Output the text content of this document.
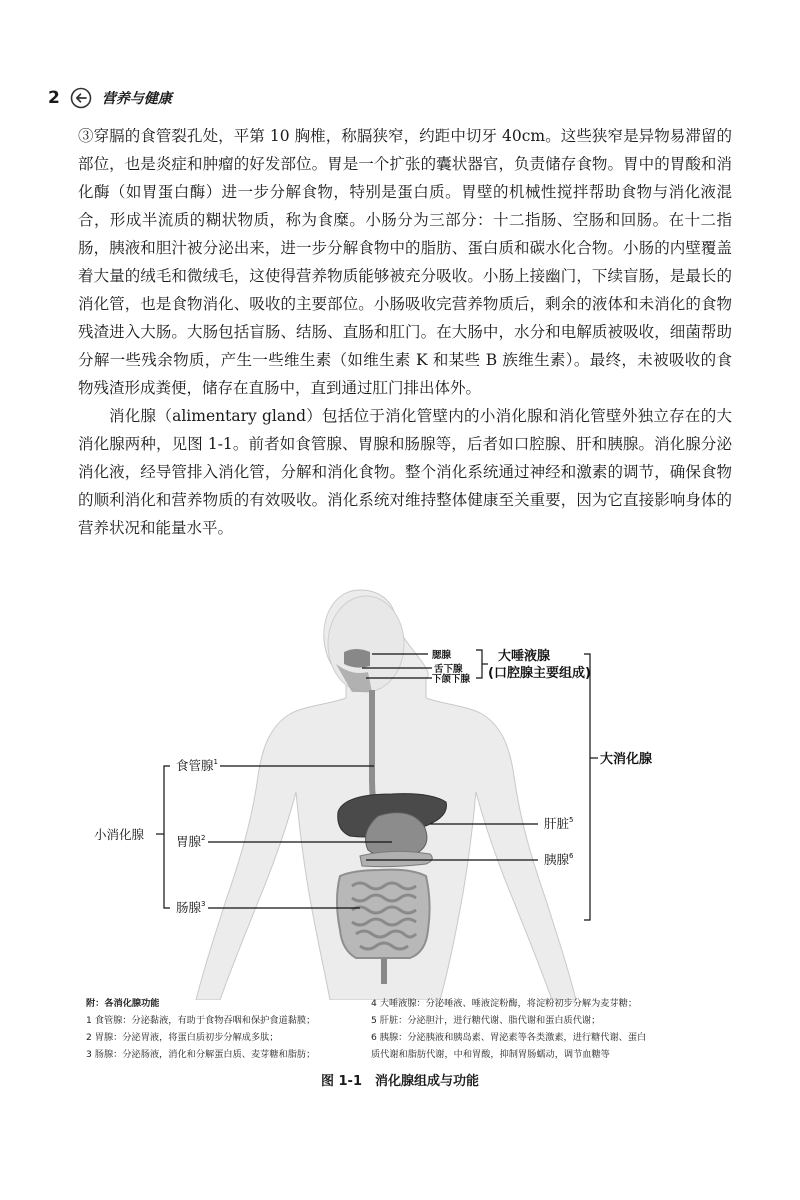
2	营养与健康

③穿膈的食管裂孔处，平第 10 胸椎，称膈狭窄，约距中切牙 40cm。这些狭窄是异物易滞留的部位，也是炎症和肿瘤的好发部位。胃是一个扩张的囊状器官，负责储存食物。胃中的胃酸和消化酶（如胃蛋白酶）进一步分解食物，特别是蛋白质。胃壁的机械性搅拌帮助食物与消化液混合，形成半流质的糊状物质，称为食糜。小肠分为三部分：十二指肠、空肠和回肠。在十二指肠，胰液和胆汁被分泌出来，进一步分解食物中的脂肪、蛋白质和碳水化合物。小肠的内壁覆盖着大量的绒毛和微绒毛，这使得营养物质能够被充分吸收。小肠上接幽门，下续盲肠，是最长的消化管，也是食物消化、吸收的主要部位。小肠吸收完营养物质后，剩余的液体和未消化的食物残渣进入大肠。大肠包括盲肠、结肠、直肠和肛门。在大肠中，水分和电解质被吸收，细菌帮助分解一些残余物质，产生一些维生素（如维生素 K 和某些 B 族维生素）。最终，未被吸收的食物残渣形成粪便，储存在直肠中，直到通过肛门排出体外。

消化腺（alimentary gland）包括位于消化管壁内的小消化腺和消化管壁外独立存在的大消化腺两种，见图 1-1。前者如食管腺、胃腺和肠腺等，后者如口腔腺、肝和胰腺。消化腺分泌消化液，经导管排入消化管，分解和消化食物。整个消化系统通过神经和激素的调节，确保食物的顺利消化和营养物质的有效吸收。消化系统对维持整体健康至关重要，因为它直接影响身体的营养状况和能量水平。

腮腺
舌下腺
下颌下腺
大唾液腺
(口腔腺主要组成)
大消化腺
食管腺$^1$
胃腺$^2$
肠腺$^3$
小消化腺
肝脏$^5$
胰腺$^6$
附：各消化腺功能
1 食管腺：分泌黏液，有助于食物吞咽和保护食道黏膜；
2 胃腺：分泌胃液，将蛋白质初步分解成多肽；
3 肠腺：分泌肠液，消化和分解蛋白质、麦芽糖和脂肪；
4 大唾液腺：分泌唾液、唾液淀粉酶，将淀粉初步分解为麦芽糖；
5 肝脏：分泌胆汁，进行糖代谢、脂代谢和蛋白质代谢；
6 胰腺：分泌胰液和胰岛素、胃泌素等各类激素，进行糖代谢、蛋白
质代谢和脂肪代谢，中和胃酸，抑制胃肠蠕动，调节血糖等
图 1-1　消化腺组成与功能
